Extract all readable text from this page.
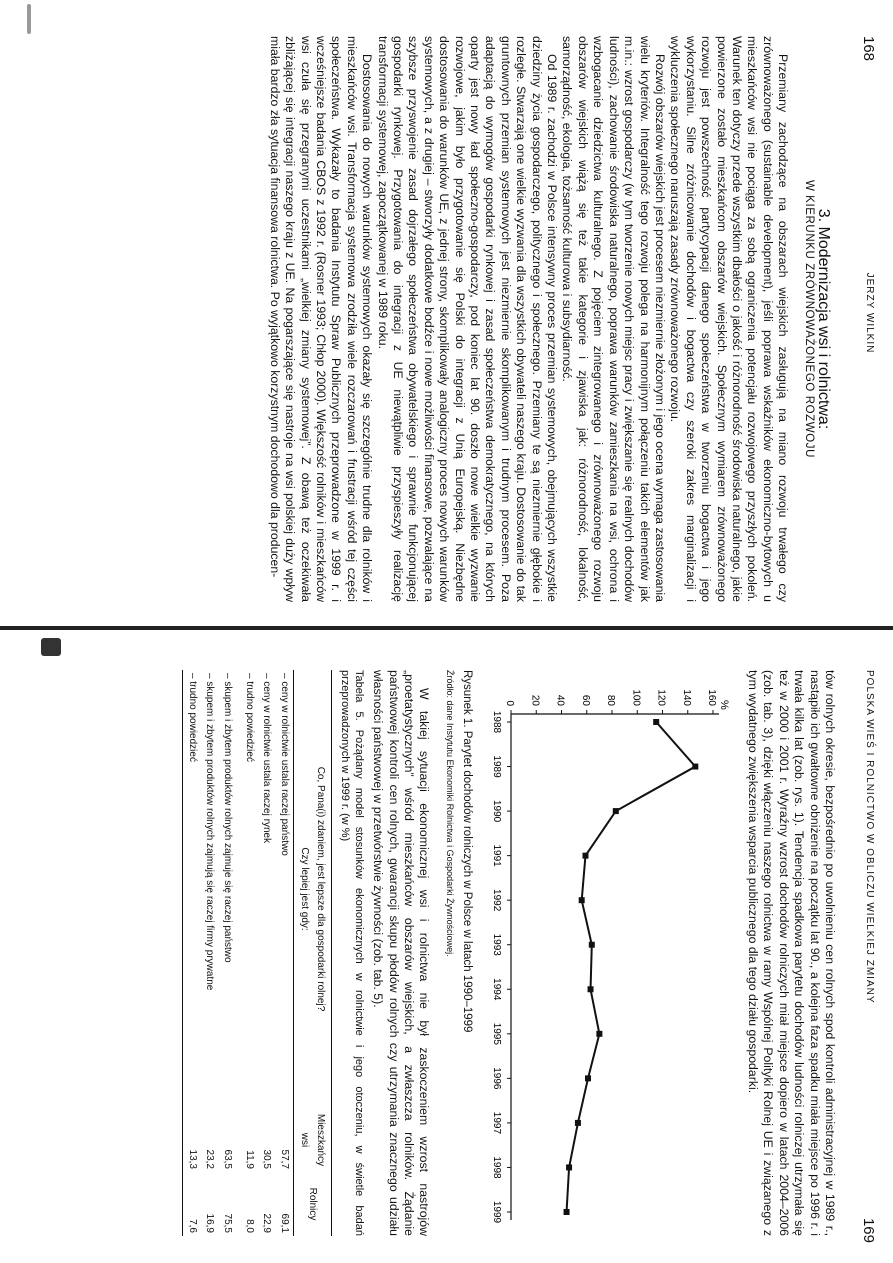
168
JERZY WILKIN
3. Modernizacja wsi i rolnictwa:
W KIERUNKU ZRÓWNOWAŻONEGO ROZWOJU

Przemiany zachodzące na obszarach wiejskich zasługują na miano rozwoju trwałego czy zrównoważonego (sustainable development), jeśli poprawa wskaźników ekonomiczno-bytowych u mieszkańców wsi nie pociąga za sobą ograniczenia potencjału rozwojowego przyszłych pokoleń. Warunek ten dotyczy przede wszystkim dbałości o jakość i różnorodność środowiska naturalnego, jakie powierzone zostało mieszkańcom obszarów wiejskich. Społecznym wymiarem zrównoważonego rozwoju jest powszechność partycypacji danego społeczeństwa w tworzeniu bogactwa i jego wykorzystaniu. Silne zróżnicowanie dochodów i bogactwa czy szeroki zakres marginalizacji i wykluczenia społecznego naruszają zasady zrównoważonego rozwoju.

Rozwój obszarów wiejskich jest procesem niezmiernie złożonym i jego ocena wymaga zastosowania wielu kryteriów. Integralność tego rozwoju polega na harmonijnym połączeniu takich elementów jak m.in.: wzrost gospodarczy (w tym tworzenie nowych miejsc pracy i zwiększanie się realnych dochodów ludności), zachowanie środowiska naturalnego, poprawa warunków zamieszkania na wsi, ochrona i wzbogacanie dziedzictwa kulturalnego. Z pojęciem zintegrowanego i zrównoważonego rozwoju obszarów wiejskich wiążą się też takie kategorie i zjawiska jak: różnorodność, lokalność, samorządność, ekologia, tożsamość kulturowa i subsydiarność.

Od 1989 r. zachodzi w Polsce intensywny proces przemian systemowych, obejmujących wszystkie dziedziny życia gospodarczego, politycznego i społecznego. Przemiany te są niezmiernie głębokie i rozległe. Stwarzają one wielkie wyzwania dla wszystkich obywateli naszego kraju. Dostosowanie do tak gruntownych przemian systemowych jest niezmiernie skomplikowanym i trudnym procesem. Poza adaptacją do wymogów gospodarki rynkowej i zasad społeczeństwa demokratycznego, na których oparty jest nowy ład społeczno-gospodarczy, pod koniec lat 90. doszło nowe wielkie wyzwanie rozwojowe, jakim było przygotowanie się Polski do integracji z Unią Europejską. Niezbędne dostosowania do warunków UE, z jednej strony, skomplikowały analogiczny proces nowych warunków systemowych, a z drugiej – stworzyły dodatkowe bodźce i nowe możliwości finansowe, pozwalające na szybsze przyswojenie zasad dojrzałego społeczeństwa obywatelskiego i sprawnie funkcjonującej gospodarki rynkowej. Przygotowania do integracji z UE niewątpliwie przyspieszyły realizację transformacji systemowej, zapoczątkowanej w 1989 roku.

Dostosowania do nowych warunków systemowych okazały się szczególnie trudne dla rolników i mieszkańców wsi. Transformacja systemowa zrodziła wiele rozczarowań i frustracji wśród tej części społeczeństwa. Wykazały to badania Instytutu Spraw Publicznych przeprowadzone w 1999 r. i wcześniejsze badania CBOS z 1992 r. (Rosner 1993; Chłop 2000). Większość rolników i mieszkańców wsi czuła się przegranymi uczestnikami „wielkiej zmiany systemowej”. Z obawą też oczekiwała zbliżającej się integracji naszego kraju z UE. Na pogarszające się nastroje na wsi polskiej duży wpływ miała bardzo zła sytuacja finansowa rolnictwa. Po wyjątkowo korzystnym dochodowo dla producen-

POLSKA WIEŚ I ROLNICTWO W OBLICZU WIELKIEJ ZMIANY
169

tów rolnych okresie, bezpośrednio po uwolnieniu cen rolnych spod kontroli administracyjnej w 1989 r., nastąpiło ich gwałtowne obniżenie na początku lat 90., a kolejna faza spadku miała miejsce po 1996 r. i trwała kilka lat (zob. rys. 1). Tendencja spadkowa parytetu dochodów ludności rolniczej utrzymała się też w 2000 i 2001 r. Wyraźny wzrost dochodów rolniczych miał miejsce dopiero w latach 2004–2006 (zob. tab. 3), dzięki włączeniu naszego rolnictwa w ramy Wspólnej Polityki Rolnej UE i związanego z tym wydatnego zwiększenia wsparcia publicznego dla tego działu gospodarki.

%
0 20 40 60 80 100 120 140 160
1988
1989
1990
1991
1992
1993
1994
1995
1996
1997
1998
1999
Rysunek 1. Parytet dochodów rolniczych w Polsce w latach 1990–1999
Źródło: dane Instytutu Ekonomiki Rolnictwa i Gospodarki Żywnościowej.

W takiej sytuacji ekonomicznej wsi i rolnictwa nie był zaskoczeniem wzrost nastrojów „proetatystycznych” wśród mieszkańców obszarów wiejskich, a zwłaszcza rolników. Żądanie państwowej kontroli cen rolnych, gwarancji skupu płodów rolnych czy utrzymania znacznego udziału własności państwowej w przetwórstwie żywności (zob. tab. 5).

Tabela 5. Pożądany model stosunków ekonomicznych w rolnictwie i jego otoczeniu, w świetle badań przeprowadzonych w 1999 r. (w %)
Co, Pana(i) zdaniem, jest lepsze dla gospodarki rolnej?
Czy lepiej jest gdy:	Mieszkańcy wsi	Rolnicy
– ceny w rolnictwie ustala raczej państwo	57,7	69,1
– ceny w rolnictwie ustala raczej rynek	30,5	22,9
– trudno powiedzieć	11,9	8,0
– skupem i zbytem produktów rolnych zajmuje się raczej państwo	63,5	75,5
– skupem i zbytem produktów rolnych zajmują się raczej firmy prywatne	23,2	16,9
– trudno powiedzieć	13,3	7,6
